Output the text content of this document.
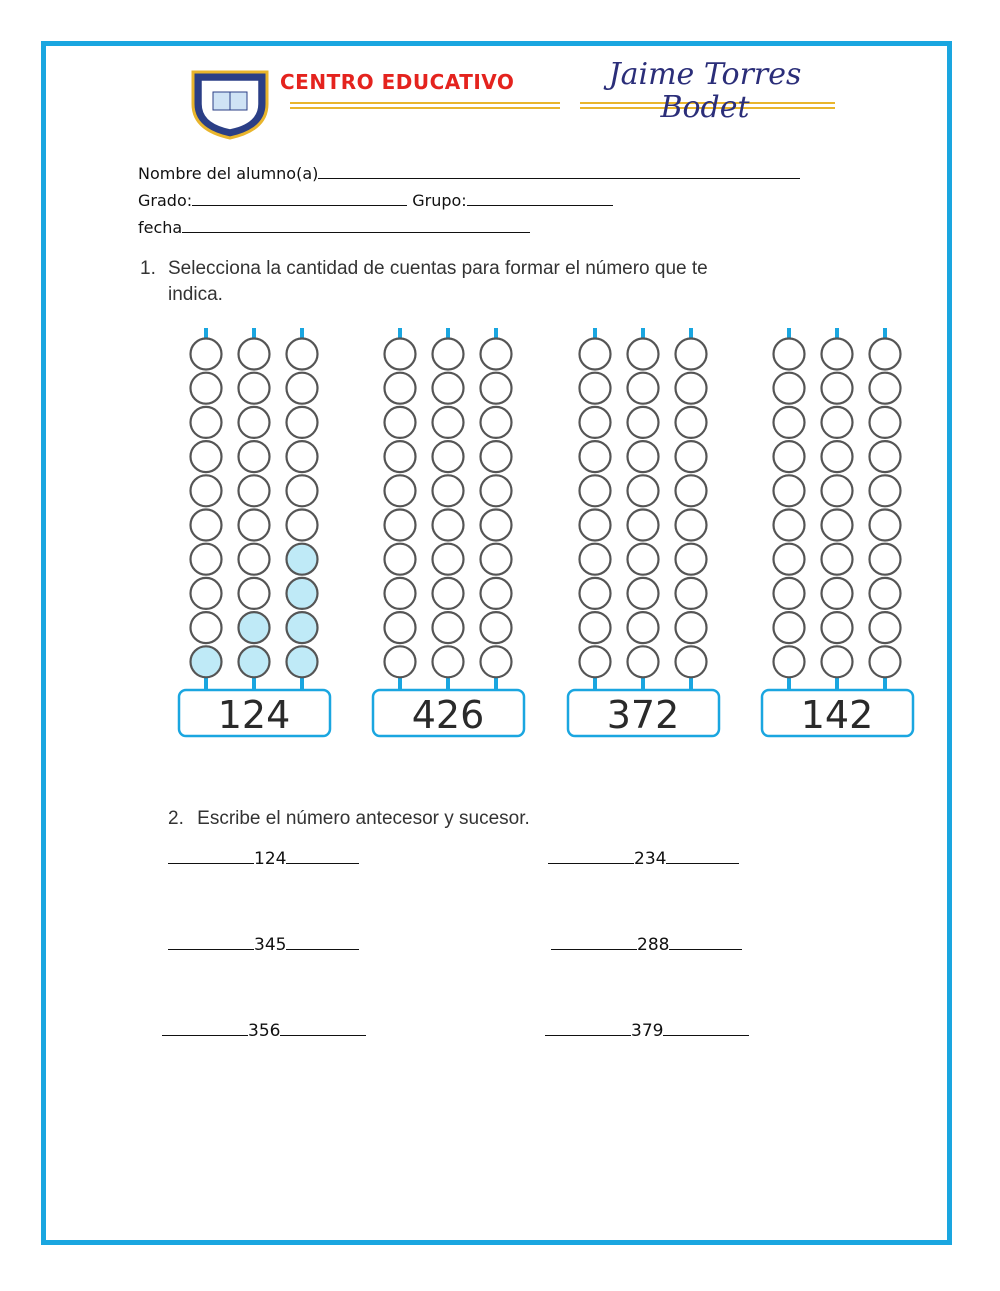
CENTRO EDUCATIVO	Jaime Torres
Bodet
Nombre del alumno(a)
Grado:	Grupo:
fecha
1. Selecciona la cantidad de cuentas para formar el número que te

indica.
124	426	372	142
2. Escribe el número antecesor y sucesor.
124	234
345	288
356	379
